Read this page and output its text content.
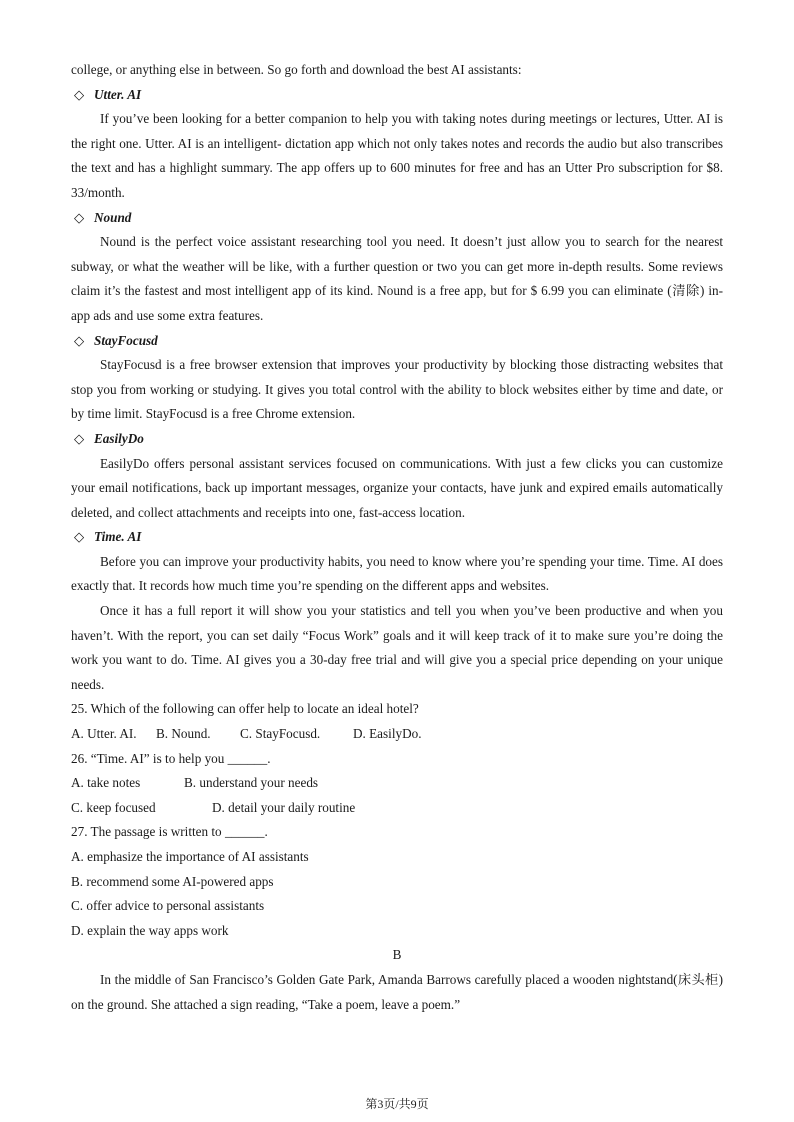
college, or anything else in between. So go forth and download the best AI assistants:

◇ Utter. AI

If you’ve been looking for a better companion to help you with taking notes during meetings or lectures, Utter. AI is the right one. Utter. AI is an intelligent- dictation app which not only takes notes and records the audio but also transcribes the text and has a highlight summary. The app offers up to 600 minutes for free and has an Utter Pro subscription for $8. 33/month.

◇ Nound

Nound is the perfect voice assistant researching tool you need. It doesn’t just allow you to search for the nearest subway, or what the weather will be like, with a further question or two you can get more in-depth results. Some reviews claim it’s the fastest and most intelligent app of its kind. Nound is a free app, but for $ 6.99 you can eliminate (清除) in-app ads and use some extra features.

◇ StayFocusd

StayFocusd is a free browser extension that improves your productivity by blocking those distracting websites that stop you from working or studying. It gives you total control with the ability to block websites either by time and date, or by time limit. StayFocusd is a free Chrome extension.

◇ EasilyDo

EasilyDo offers personal assistant services focused on communications. With just a few clicks you can customize your email notifications, back up important messages, organize your contacts, have junk and expired emails automatically deleted, and collect attachments and receipts into one, fast-access location.

◇ Time. AI

Before you can improve your productivity habits, you need to know where you’re spending your time. Time. AI does exactly that. It records how much time you’re spending on the different apps and websites.

Once it has a full report it will show you your statistics and tell you when you’ve been productive and when you haven’t. With the report, you can set daily “Focus Work” goals and it will keep track of it to make sure you’re doing the work you want to do. Time. AI gives you a 30-day free trial and will give you a special price depending on your unique needs.

25. Which of the following can offer help to locate an ideal hotel?

A. Utter. AI. B. Nound. C. StayFocusd. D. EasilyDo.

26. “Time. AI” is to help you ______.

A. take notes	B. understand your needs

C. keep focused	D. detail your daily routine

27. The passage is written to ______.

A. emphasize the importance of AI assistants

B. recommend some AI-powered apps

C. offer advice to personal assistants

D. explain the way apps work

B

In the middle of San Francisco’s Golden Gate Park, Amanda Barrows carefully placed a wooden nightstand(床头柜) on the ground. She attached a sign reading, “Take a poem, leave a poem.”

第3页/共9页
